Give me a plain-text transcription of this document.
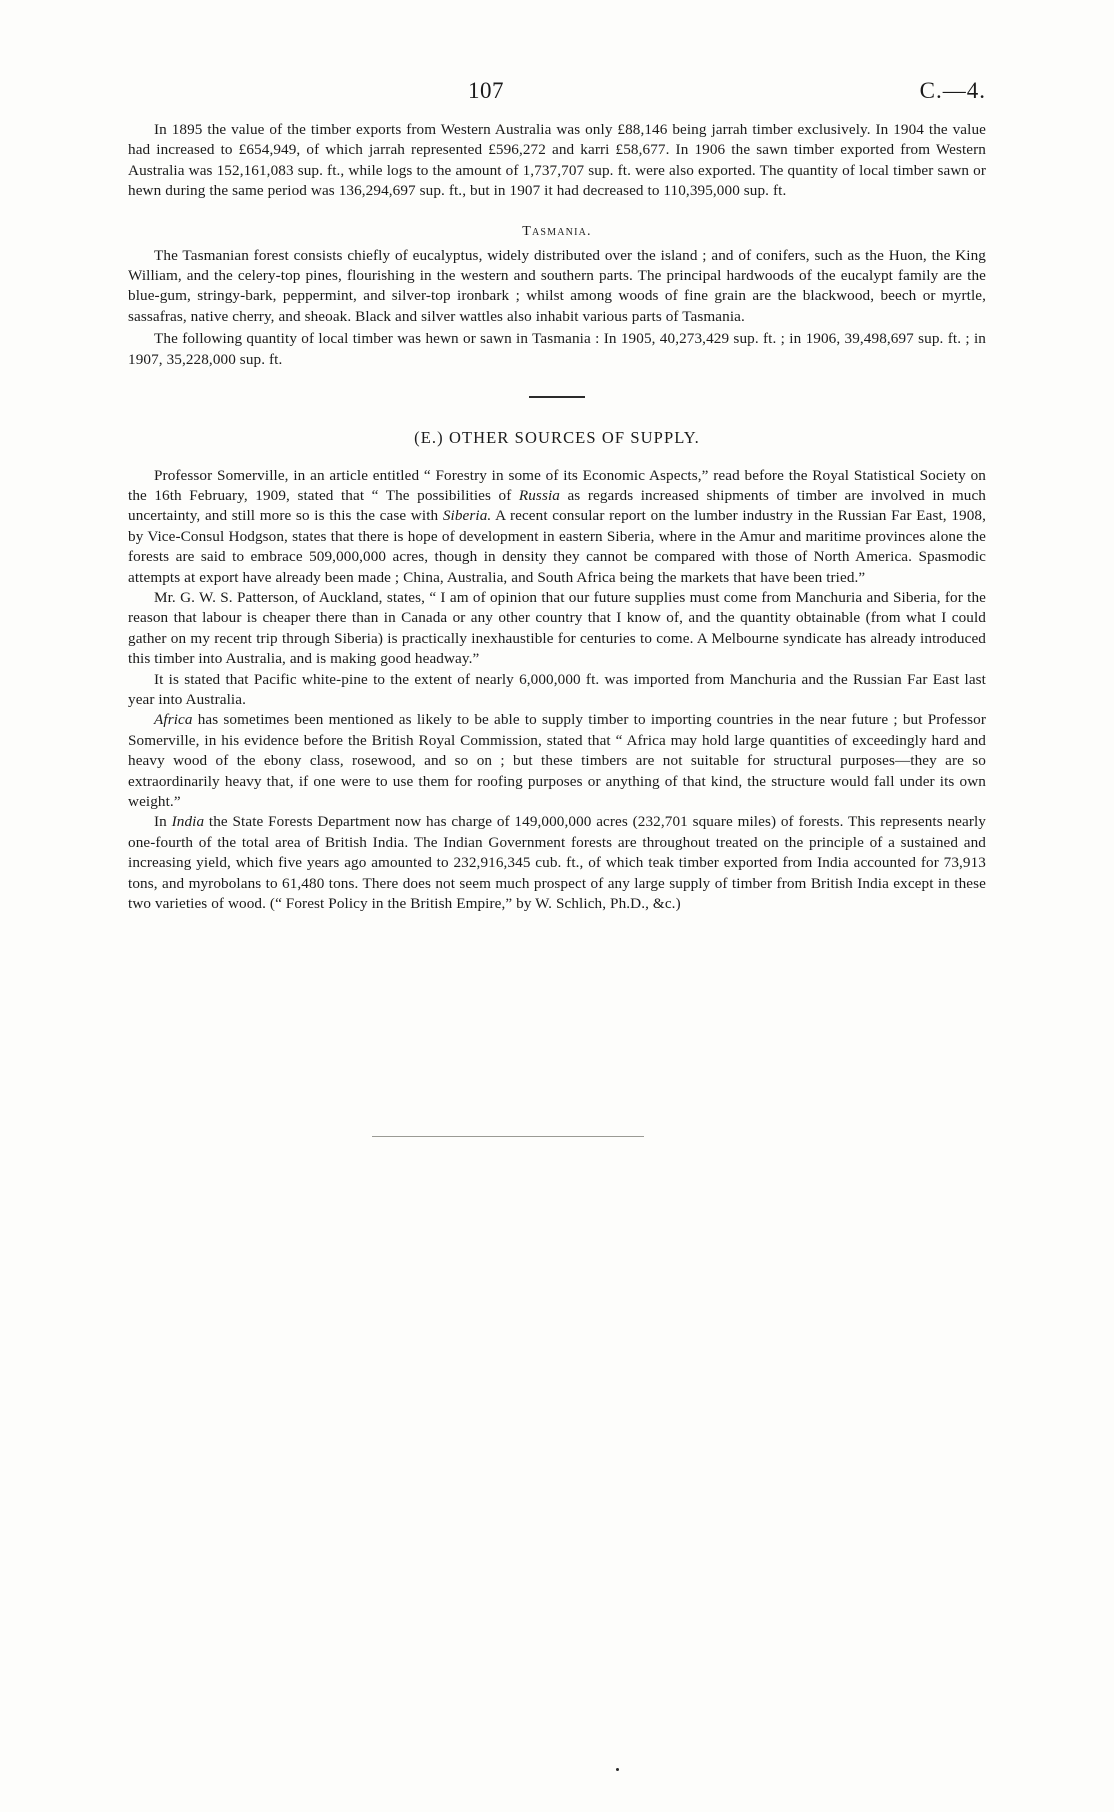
107	C.—4.

In 1895 the value of the timber exports from Western Australia was only £88,146 being jarrah timber exclusively. In 1904 the value had increased to £654,949, of which jarrah represented £596,272 and karri £58,677. In 1906 the sawn timber exported from Western Australia was 152,161,083 sup. ft., while logs to the amount of 1,737,707 sup. ft. were also exported. The quantity of local timber sawn or hewn during the same period was 136,294,697 sup. ft., but in 1907 it had decreased to 110,395,000 sup. ft.

Tasmania.

The Tasmanian forest consists chiefly of eucalyptus, widely distributed over the island ; and of conifers, such as the Huon, the King William, and the celery-top pines, flourishing in the western and southern parts. The principal hardwoods of the eucalypt family are the blue-gum, stringy-bark, peppermint, and silver-top ironbark ; whilst among woods of fine grain are the blackwood, beech or myrtle, sassafras, native cherry, and sheoak. Black and silver wattles also inhabit various parts of Tasmania.

The following quantity of local timber was hewn or sawn in Tasmania : In 1905, 40,273,429 sup. ft. ; in 1906, 39,498,697 sup. ft. ; in 1907, 35,228,000 sup. ft.

(E.) OTHER SOURCES OF SUPPLY.

Professor Somerville, in an article entitled “ Forestry in some of its Economic Aspects,” read before the Royal Statistical Society on the 16th February, 1909, stated that “ The possibilities of Russia as regards increased shipments of timber are involved in much uncertainty, and still more so is this the case with Siberia. A recent consular report on the lumber industry in the Russian Far East, 1908, by Vice-Consul Hodgson, states that there is hope of development in eastern Siberia, where in the Amur and maritime provinces alone the forests are said to embrace 509,000,000 acres, though in density they cannot be compared with those of North America. Spasmodic attempts at export have already been made ; China, Australia, and South Africa being the markets that have been tried.”

Mr. G. W. S. Patterson, of Auckland, states, “ I am of opinion that our future supplies must come from Manchuria and Siberia, for the reason that labour is cheaper there than in Canada or any other country that I know of, and the quantity obtainable (from what I could gather on my recent trip through Siberia) is practically inexhaustible for centuries to come. A Melbourne syndicate has already introduced this timber into Australia, and is making good headway.”

It is stated that Pacific white-pine to the extent of nearly 6,000,000 ft. was imported from Manchuria and the Russian Far East last year into Australia.

Africa has sometimes been mentioned as likely to be able to supply timber to importing countries in the near future ; but Professor Somerville, in his evidence before the British Royal Commission, stated that “ Africa may hold large quantities of exceedingly hard and heavy wood of the ebony class, rosewood, and so on ; but these timbers are not suitable for structural purposes—they are so extraordinarily heavy that, if one were to use them for roofing purposes or anything of that kind, the structure would fall under its own weight.”

In India the State Forests Department now has charge of 149,000,000 acres (232,701 square miles) of forests. This represents nearly one-fourth of the total area of British India. The Indian Government forests are throughout treated on the principle of a sustained and increasing yield, which five years ago amounted to 232,916,345 cub. ft., of which teak timber exported from India accounted for 73,913 tons, and myrobolans to 61,480 tons. There does not seem much prospect of any large supply of timber from British India except in these two varieties of wood. (“ Forest Policy in the British Empire,” by W. Schlich, Ph.D., &c.)
